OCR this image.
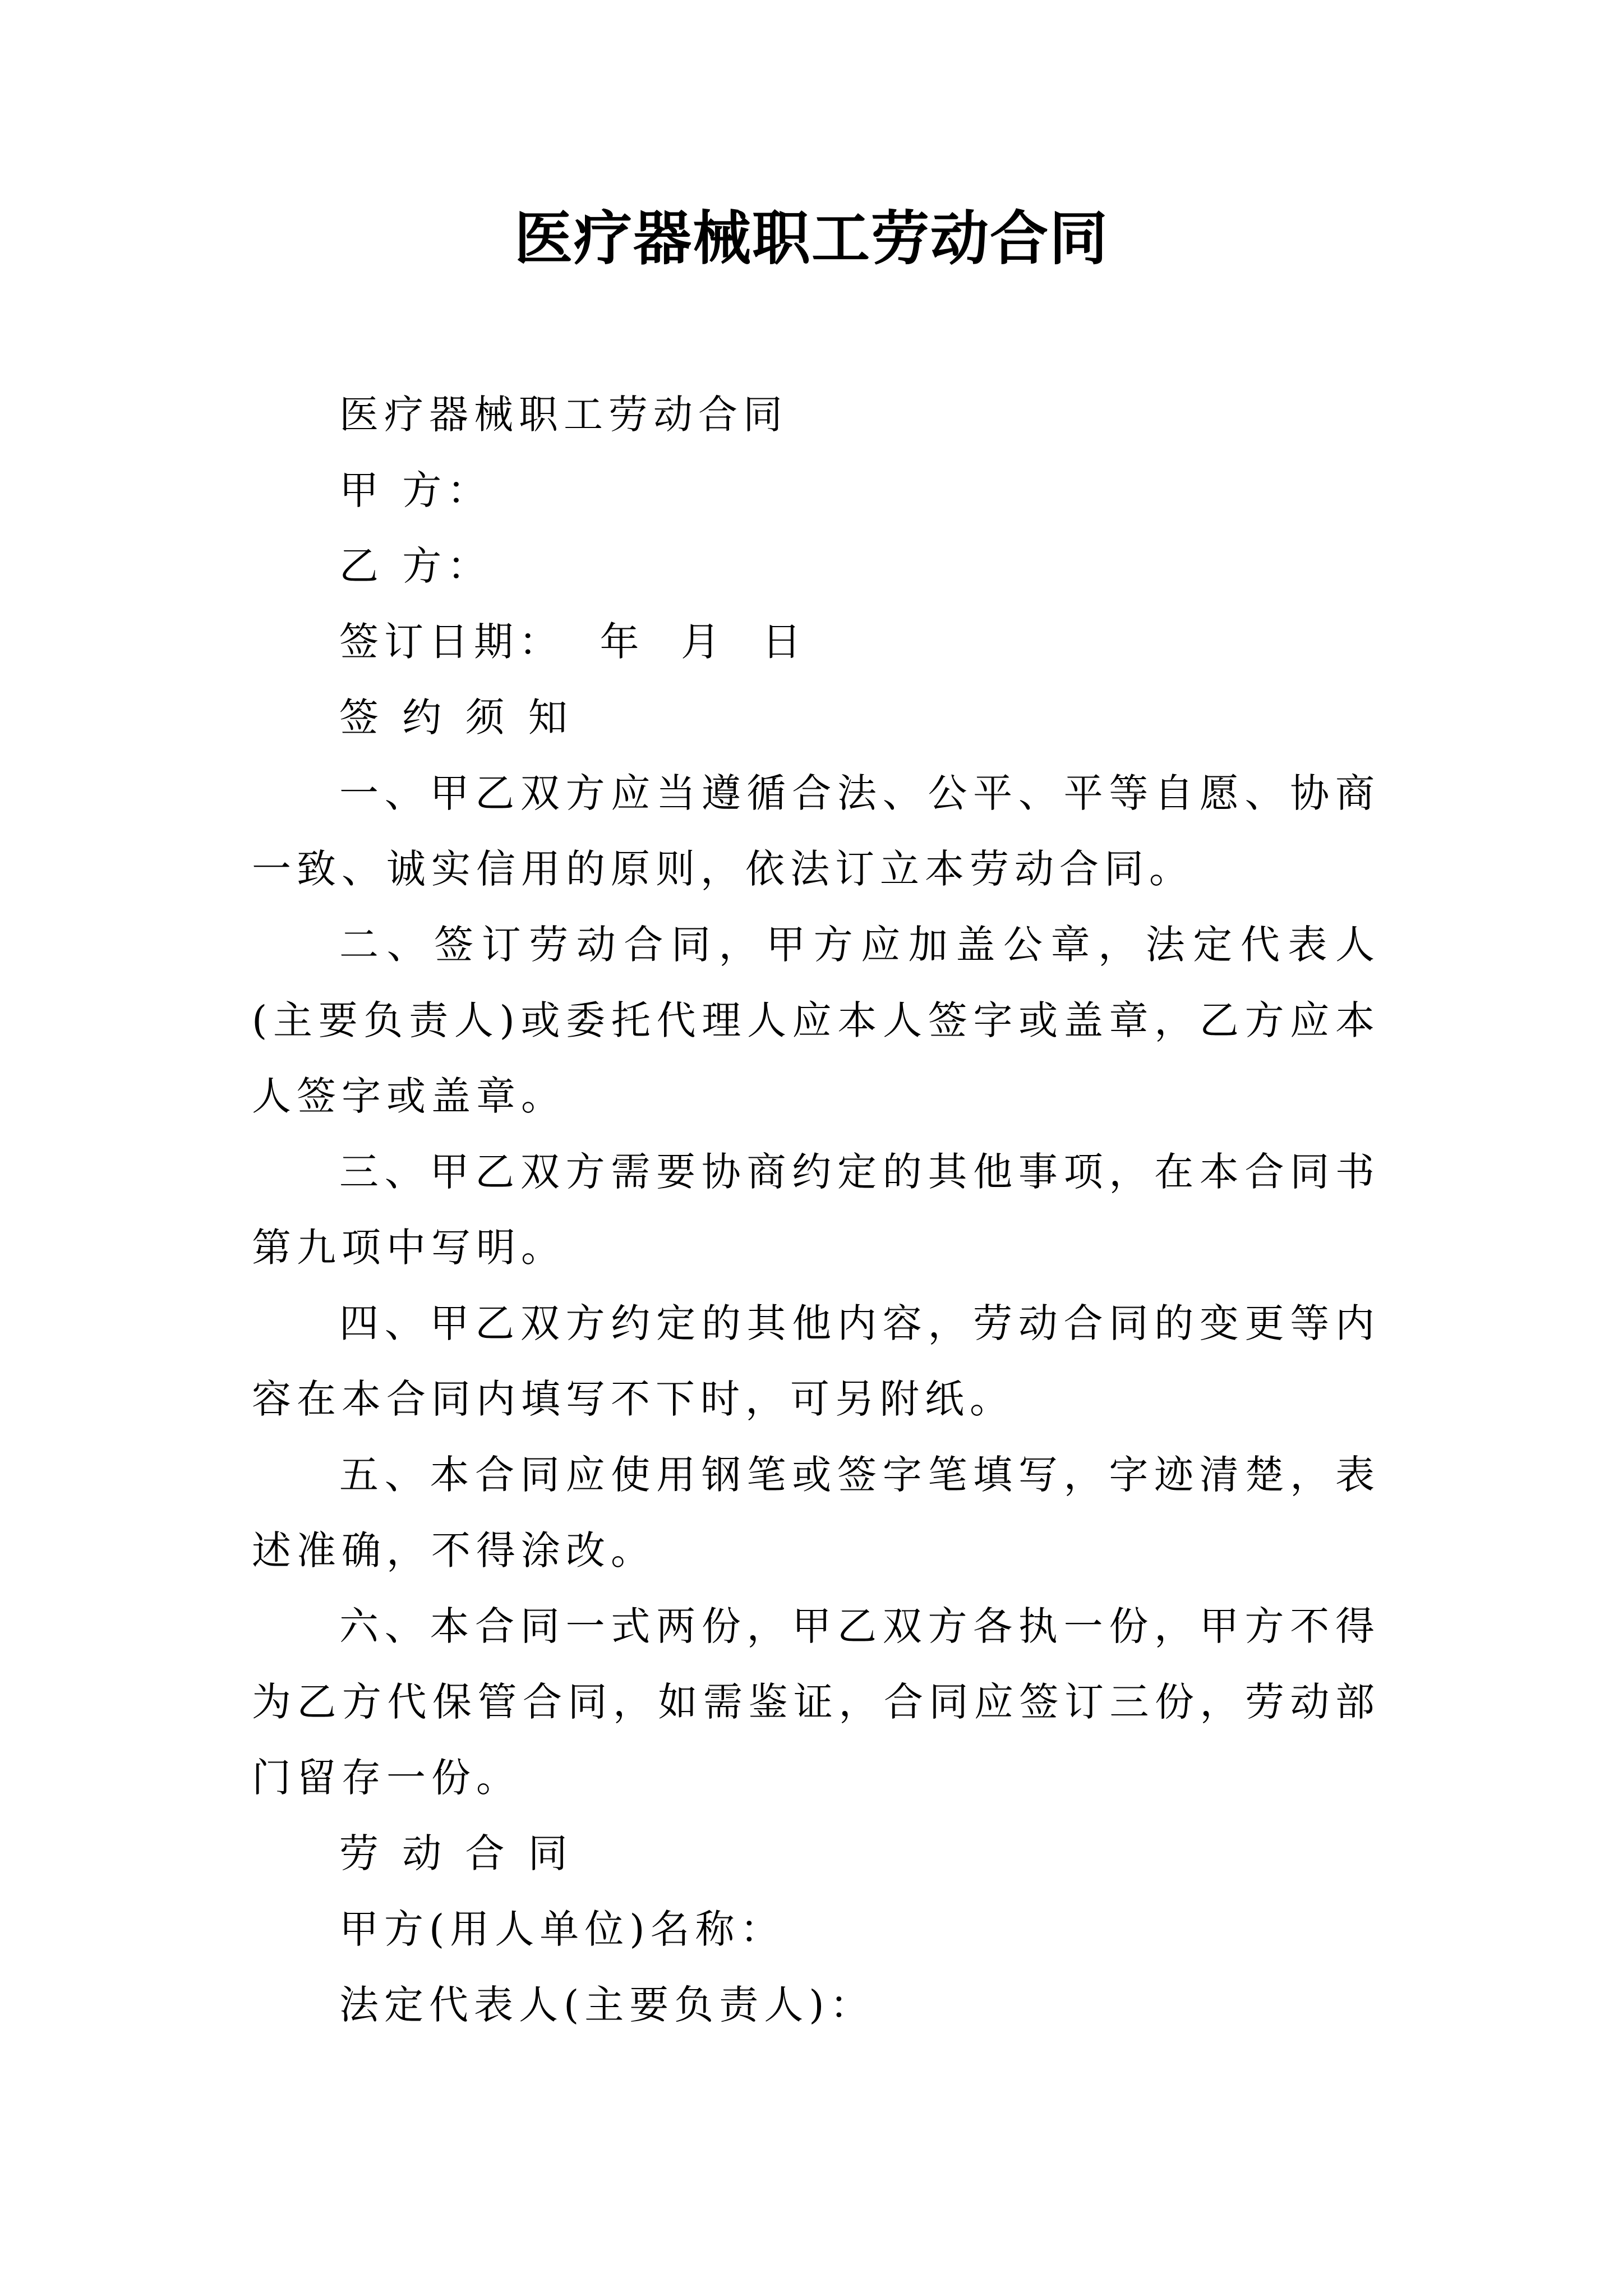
医疗器械职工劳动合同

医疗器械职工劳动合同

甲 方：

乙 方：

签订日期：  年  月  日

签 约 须 知

一、甲乙双方应当遵循合法、公平、平等自愿、协商一致、诚实信用的原则，依法订立本劳动合同。

二、签订劳动合同，甲方应加盖公章，法定代表人(主要负责人)或委托代理人应本人签字或盖章，乙方应本人签字或盖章。

三、甲乙双方需要协商约定的其他事项，在本合同书第九项中写明。

四、甲乙双方约定的其他内容，劳动合同的变更等内容在本合同内填写不下时，可另附纸。

五、本合同应使用钢笔或签字笔填写，字迹清楚，表述准确，不得涂改。

六、本合同一式两份，甲乙双方各执一份，甲方不得为乙方代保管合同，如需鉴证，合同应签订三份，劳动部门留存一份。

劳 动 合 同

甲方(用人单位)名称：

法定代表人(主要负责人)：
